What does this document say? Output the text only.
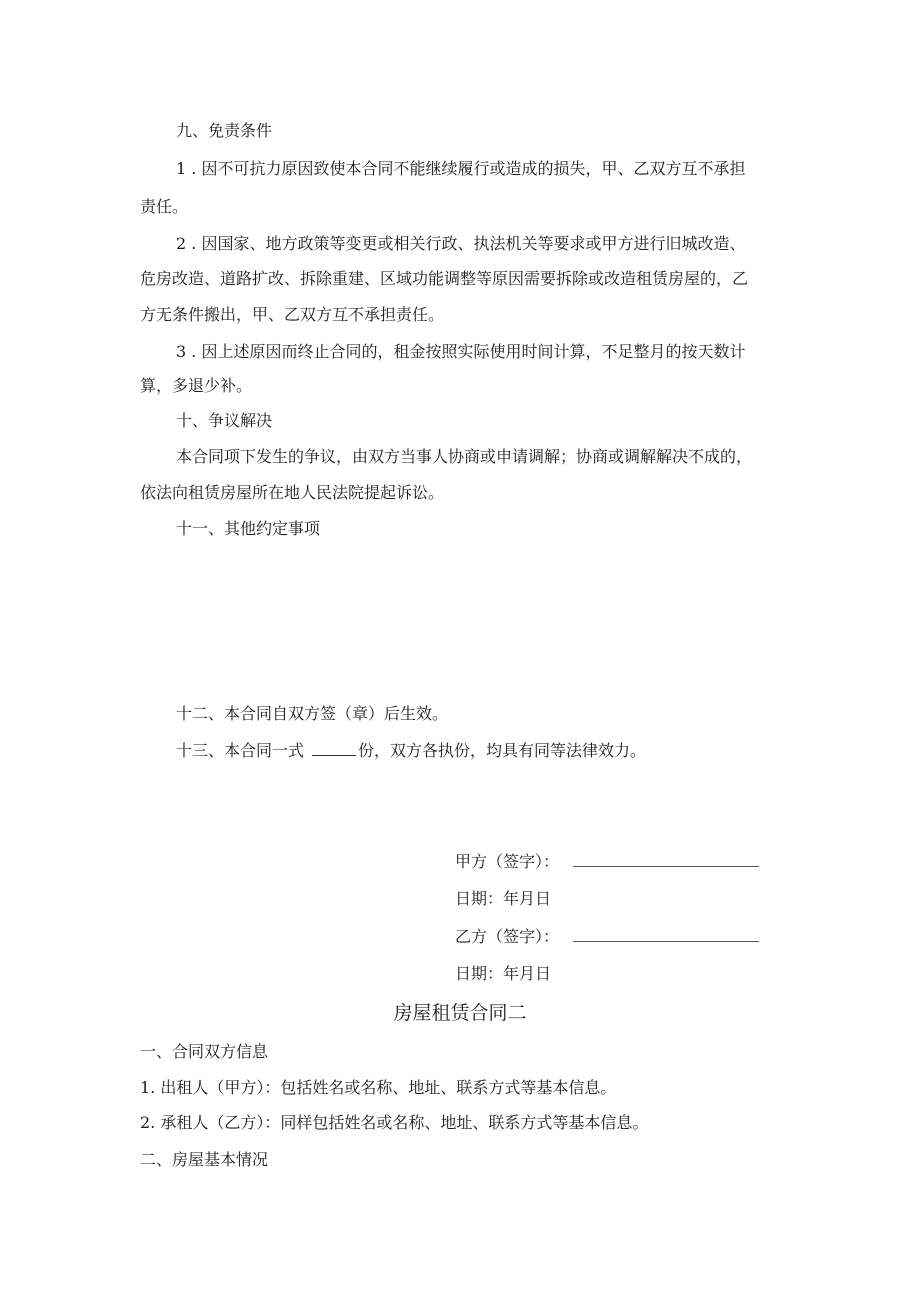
九、免责条件
1 . 因不可抗力原因致使本合同不能继续履行或造成的损失，甲、乙双方互不承担
责任。
2 . 因国家、地方政策等变更或相关行政、执法机关等要求或甲方进行旧城改造、
危房改造、道路扩改、拆除重建、区域功能调整等原因需要拆除或改造租赁房屋的，乙
方无条件搬出，甲、乙双方互不承担责任。
3 . 因上述原因而终止合同的，租金按照实际使用时间计算，不足整月的按天数计
算，多退少补。
十、争议解决
本合同项下发生的争议，由双方当事人协商或申请调解；协商或调解解决不成的，
依法向租赁房屋所在地人民法院提起诉讼。
十一、其他约定事项
十二、本合同自双方签（章）后生效。
十三、本合同一式	份，双方各执份，均具有同等法律效力。
甲方（签字）：
日期：年月日
乙方（签字）：
日期：年月日
房屋租赁合同二
一、合同双方信息
1. 出租人（甲方）：包括姓名或名称、地址、联系方式等基本信息。
2. 承租人（乙方）：同样包括姓名或名称、地址、联系方式等基本信息。
二、房屋基本情况
